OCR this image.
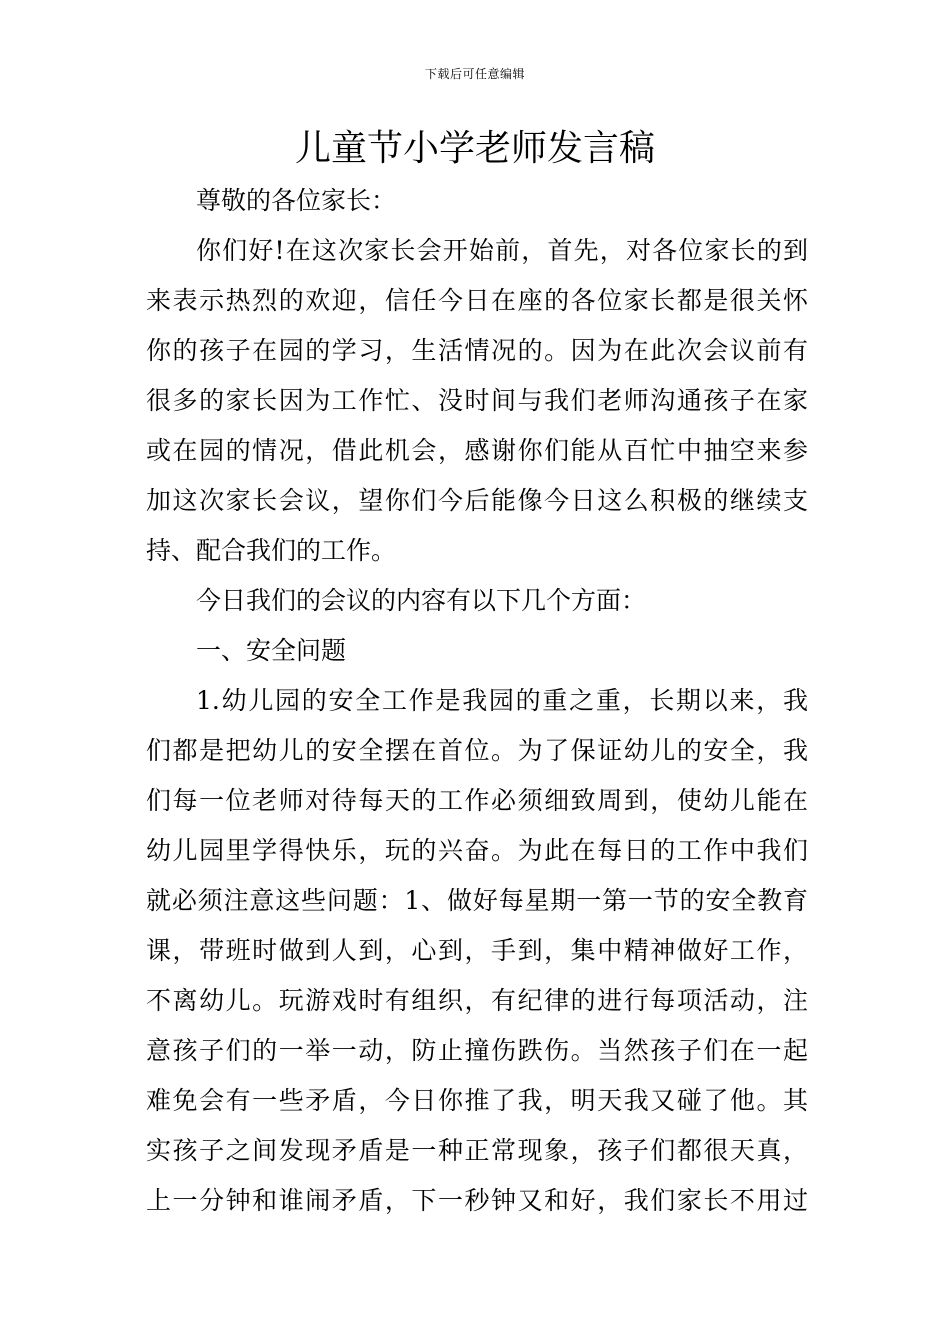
下载后可任意编辑
儿童节小学老师发言稿
尊敬的各位家长：
你们好!在这次家长会开始前，首先，对各位家长的到
来表示热烈的欢迎，信任今日在座的各位家长都是很关怀
你的孩子在园的学习，生活情况的。因为在此次会议前有
很多的家长因为工作忙、没时间与我们老师沟通孩子在家
或在园的情况，借此机会，感谢你们能从百忙中抽空来参
加这次家长会议，望你们今后能像今日这么积极的继续支
持、配合我们的工作。
今日我们的会议的内容有以下几个方面：
一、安全问题
1.幼儿园的安全工作是我园的重之重，长期以来，我
们都是把幼儿的安全摆在首位。为了保证幼儿的安全，我
们每一位老师对待每天的工作必须细致周到，使幼儿能在
幼儿园里学得快乐，玩的兴奋。为此在每日的工作中我们
就必须注意这些问题：1、做好每星期一第一节的安全教育
课，带班时做到人到，心到，手到，集中精神做好工作，
不离幼儿。玩游戏时有组织，有纪律的进行每项活动，注
意孩子们的一举一动，防止撞伤跌伤。当然孩子们在一起
难免会有一些矛盾，今日你推了我，明天我又碰了他。其
实孩子之间发现矛盾是一种正常现象，孩子们都很天真，
上一分钟和谁闹矛盾，下一秒钟又和好，我们家长不用过
